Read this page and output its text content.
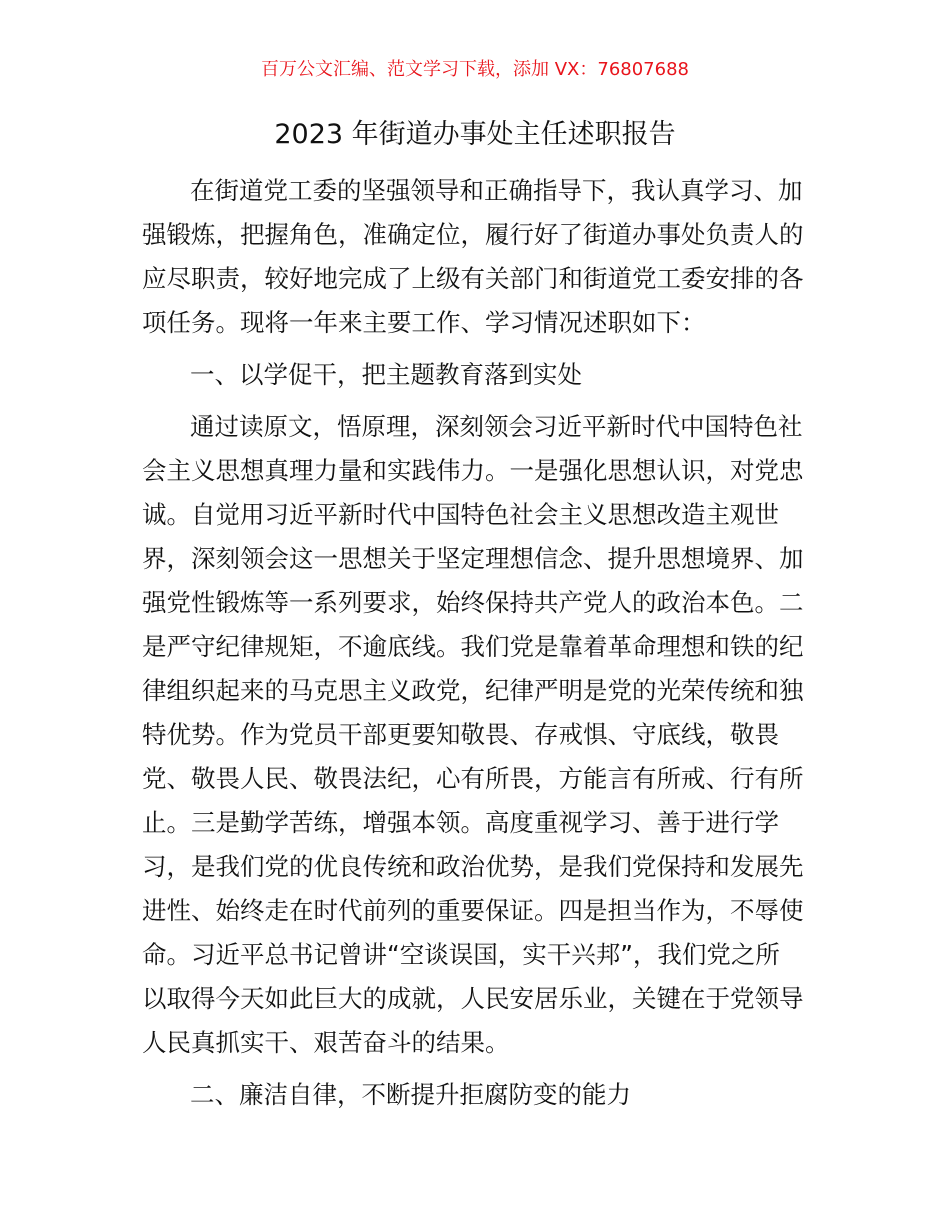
百万公文汇编、范文学习下载，添加 VX：76807688
2023 年街道办事处主任述职报告
在街道党工委的坚强领导和正确指导下，我认真学习、加
强锻炼，把握角色，准确定位，履行好了街道办事处负责人的
应尽职责，较好地完成了上级有关部门和街道党工委安排的各
项任务。现将一年来主要工作、学习情况述职如下：
一、以学促干，把主题教育落到实处
通过读原文，悟原理，深刻领会习近平新时代中国特色社
会主义思想真理力量和实践伟力。一是强化思想认识，对党忠
诚。自觉用习近平新时代中国特色社会主义思想改造主观世
界，深刻领会这一思想关于坚定理想信念、提升思想境界、加
强党性锻炼等一系列要求，始终保持共产党人的政治本色。二
是严守纪律规矩，不逾底线。我们党是靠着革命理想和铁的纪
律组织起来的马克思主义政党，纪律严明是党的光荣传统和独
特优势。作为党员干部更要知敬畏、存戒惧、守底线，敬畏
党、敬畏人民、敬畏法纪，心有所畏，方能言有所戒、行有所
止。三是勤学苦练，增强本领。高度重视学习、善于进行学
习，是我们党的优良传统和政治优势，是我们党保持和发展先
进性、始终走在时代前列的重要保证。四是担当作为，不辱使
命。习近平总书记曾讲“空谈误国，实干兴邦”，我们党之所
以取得今天如此巨大的成就，人民安居乐业，关键在于党领导
人民真抓实干、艰苦奋斗的结果。
二、廉洁自律，不断提升拒腐防变的能力
